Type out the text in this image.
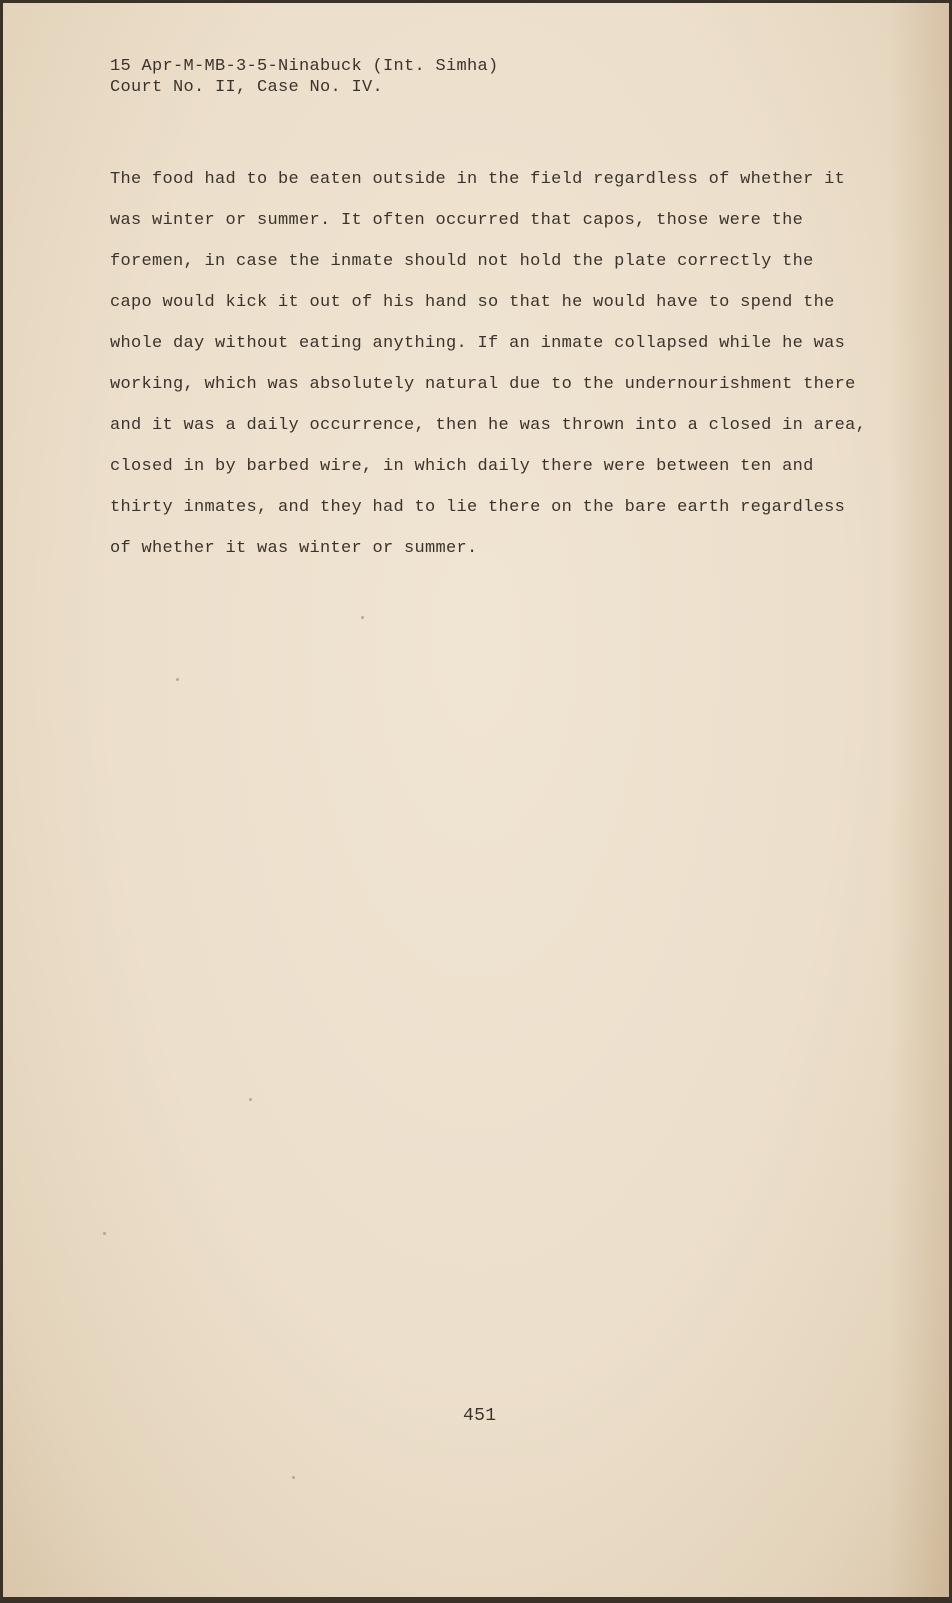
15 Apr-M-MB-3-5-Ninabuck (Int. Simha)
Court No. II, Case No. IV.
The food had to be eaten outside in the field regardless of whether it
was winter or summer. It often occurred that capos, those were the
foremen, in case the inmate should not hold the plate correctly the
capo would kick it out of his hand so that he would have to spend the
whole day without eating anything. If an inmate collapsed while he was
working, which was absolutely natural due to the undernourishment there
and it was a daily occurrence, then he was thrown into a closed in area,
closed in by barbed wire, in which daily there were between ten and
thirty inmates, and they had to lie there on the bare earth regardless
of whether it was winter or summer.
451
